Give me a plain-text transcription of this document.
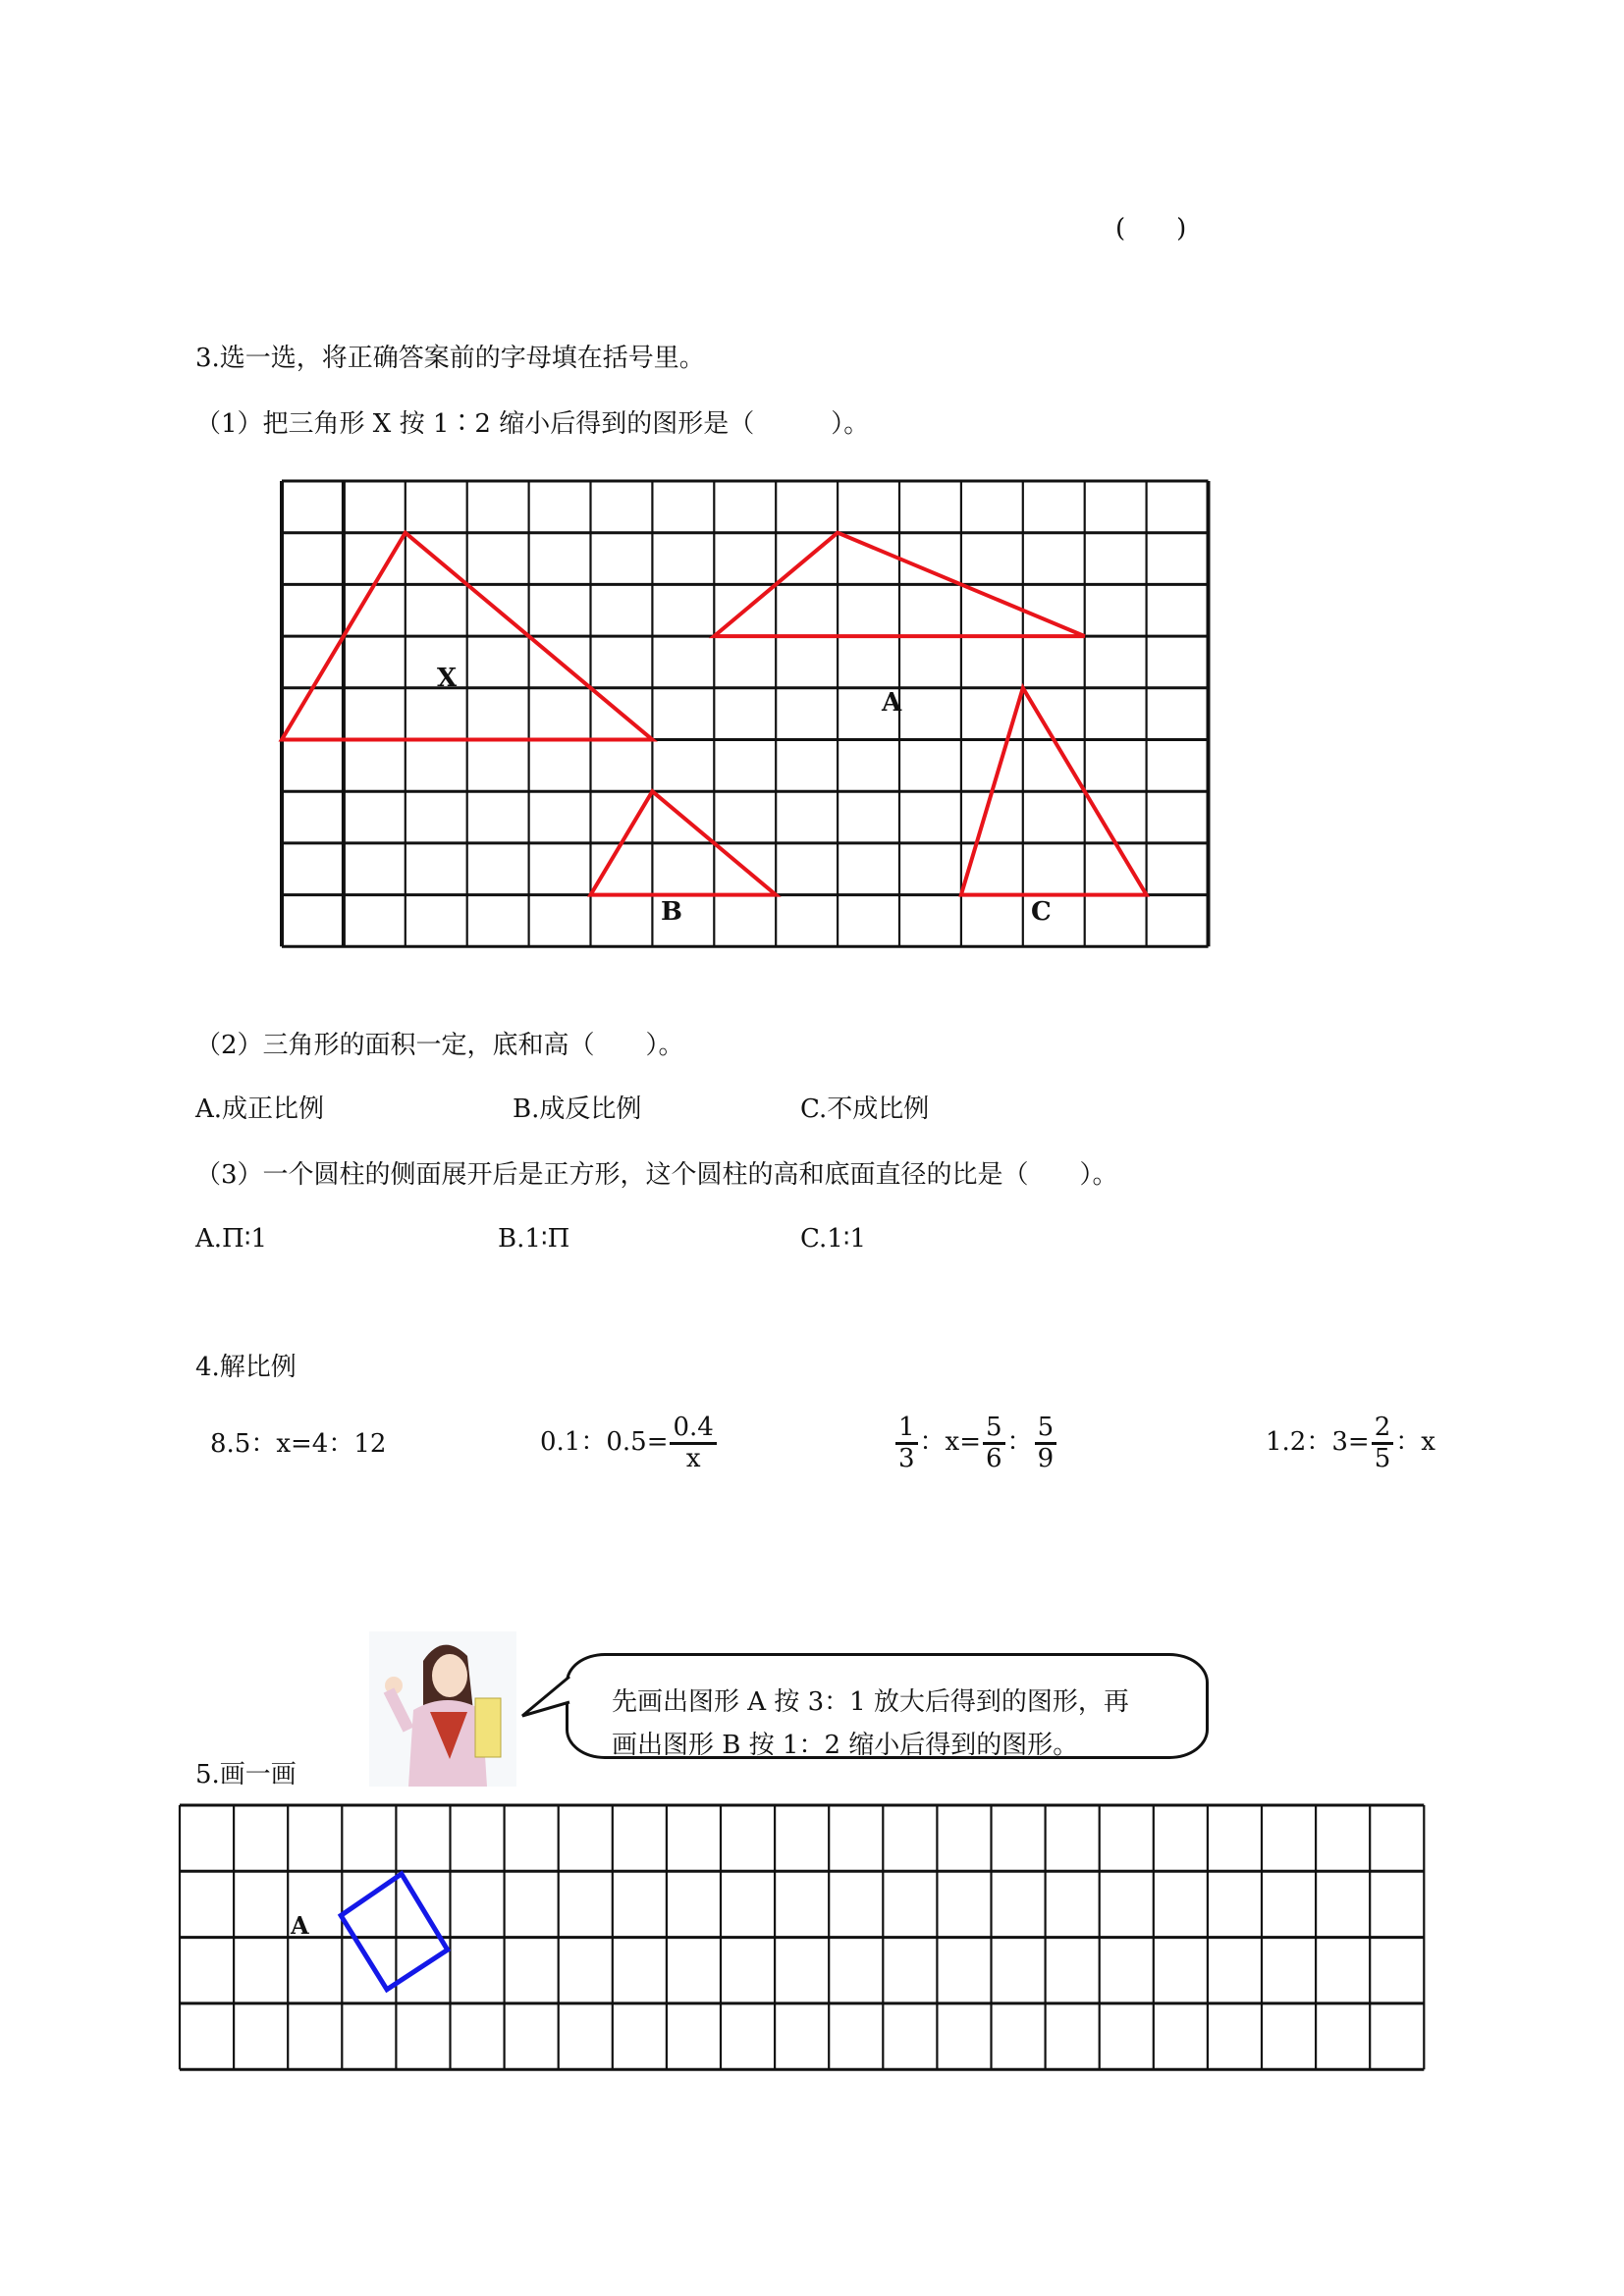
(　　)
3.选一选，将正确答案前的字母填在括号里。
（1）把三角形 X 按 1∶2 缩小后得到的图形是（　　　）。
X
A
B	C
（2）三角形的面积一定，底和高（　　）。
A.成正比例	B.成反比例	C.不成比例
（3）一个圆柱的侧面展开后是正方形，这个圆柱的高和底面直径的比是（　　）。
A.Π∶1	B.1∶Π	C.1∶1
4.解比例
8.5：x=4：12	0.1：$0.5= \frac{0.4}{x}$	$\frac{1}{3}$ ：$x= \frac{5}{6}$ ： $\frac{5}{9}$	1.2：$3= \frac{2}{5}$ ：x
先画出图形 A 按 3：1 放大后得到的图形，再
画出图形 B 按 1：2 缩小后得到的图形。
5.画一画
A
